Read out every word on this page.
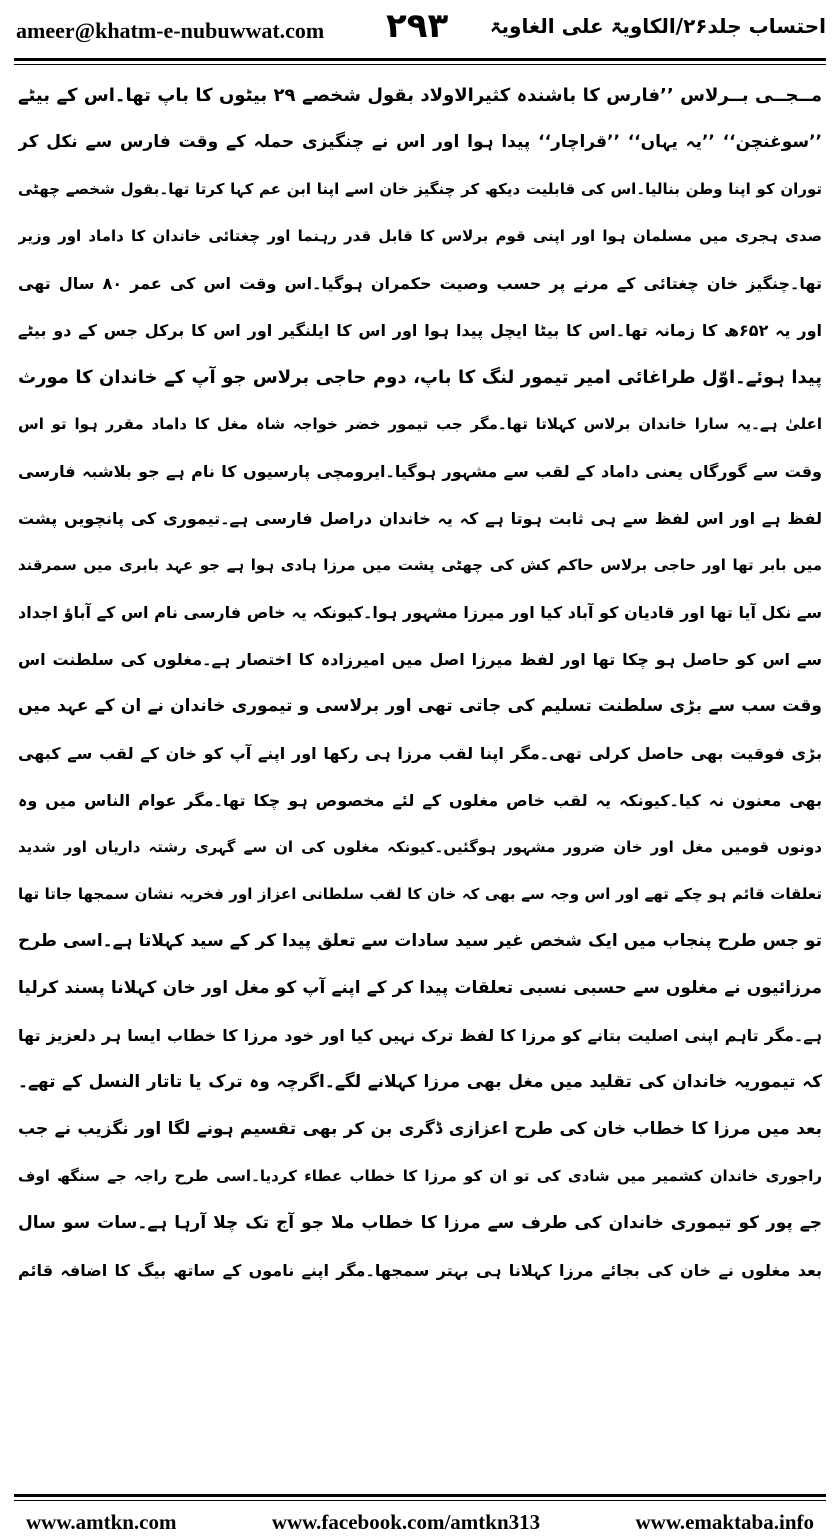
ameer@khatm-e-nubuwwat.com ۲۹۳ احتساب جلد۲۶/الکاویۃ علی الغاویۃ
مــجــی بــرلاس ’’فارس کا باشندہ کثیرالاولاد بقول شخصے ۲۹ بیٹوں کا باپ تھا۔اس کے بیٹے
’’سوغنچن‘‘ ’’یہ یہاں‘‘ ’’قراچار‘‘ پیدا ہوا اور اس نے چنگیزی حملہ کے وقت فارس سے نکل کر
توران کو اپنا وطن بنالیا۔اس کی قابلیت دیکھ کر چنگیز خان اسے اپنا ابن عم کہا کرتا تھا۔بقول شخصے چھٹی
صدی ہجری میں مسلمان ہوا اور اپنی قوم برلاس کا قابل قدر رہنما اور چغتائی خاندان کا داماد اور وزیر
تھا۔چنگیز خان چغتائی کے مرنے پر حسب وصیت حکمران ہوگیا۔اس وقت اس کی عمر ۸۰ سال تھی
اور یہ ۶۵۲ھ کا زمانہ تھا۔اس کا بیٹا ایچل پیدا ہوا اور اس کا ایلنگیر اور اس کا برکل جس کے دو بیٹے
پیدا ہوئے۔اوّل طراغائی امیر تیمور لنگ کا باپ، دوم حاجی برلاس جو آپ کے خاندان کا مورث
اعلیٰ ہے۔یہ سارا خاندان برلاس کہلاتا تھا۔مگر جب تیمور خضر خواجہ شاہ مغل کا داماد مقرر ہوا تو اس
وقت سے گورگاں یعنی داماد کے لقب سے مشہور ہوگیا۔ایرومچی پارسیوں کا نام ہے جو بلاشبہ فارسی
لفظ ہے اور اس لفظ سے ہی ثابت ہوتا ہے کہ یہ خاندان دراصل فارسی ہے۔تیموری کی پانچویں پشت
میں بابر تھا اور حاجی برلاس حاکم کش کی چھٹی پشت میں مرزا ہادی ہوا ہے جو عہد بابری میں سمرقند
سے نکل آیا تھا اور قادیان کو آباد کیا اور میرزا مشہور ہوا۔کیونکہ یہ خاص فارسی نام اس کے آباؤ اجداد
سے اس کو حاصل ہو چکا تھا اور لفظ میرزا اصل میں امیرزادہ کا اختصار ہے۔مغلوں کی سلطنت اس
وقت سب سے بڑی سلطنت تسلیم کی جاتی تھی اور برلاسی و تیموری خاندان نے ان کے عہد میں
بڑی فوقیت بھی حاصل کرلی تھی۔مگر اپنا لقب مرزا ہی رکھا اور اپنے آپ کو خان کے لقب سے کبھی
بھی معنون نہ کیا۔کیونکہ یہ لقب خاص مغلوں کے لئے مخصوص ہو چکا تھا۔مگر عوام الناس میں وہ
دونوں قومیں مغل اور خان ضرور مشہور ہوگئیں۔کیونکہ مغلوں کی ان سے گہری رشتہ داریاں اور شدید
تعلقات قائم ہو چکے تھے اور اس وجہ سے بھی کہ خان کا لقب سلطانی اعزاز اور فخریہ نشان سمجھا جاتا تھا
تو جس طرح پنجاب میں ایک شخص غیر سید سادات سے تعلق پیدا کر کے سید کہلاتا ہے۔اسی طرح
مرزائیوں نے مغلوں سے حسبی نسبی تعلقات پیدا کر کے اپنے آپ کو مغل اور خان کہلانا پسند کرلیا
ہے۔مگر تاہم اپنی اصلیت بتانے کو مرزا کا لفظ ترک نہیں کیا اور خود مرزا کا خطاب ایسا ہر دلعزیز تھا
کہ تیموریہ خاندان کی تقلید میں مغل بھی مرزا کہلانے لگے۔اگرچہ وہ ترک یا تاتار النسل کے تھے۔
بعد میں مرزا کا خطاب خان کی طرح اعزازی ڈگری بن کر بھی تقسیم ہونے لگا اور نگزیب نے جب
راجوری خاندان کشمیر میں شادی کی تو ان کو مرزا کا خطاب عطاء کردیا۔اسی طرح راجہ جے سنگھ اوف
جے پور کو تیموری خاندان کی طرف سے مرزا کا خطاب ملا جو آج تک چلا آرہا ہے۔سات سو سال
بعد مغلوں نے خان کی بجائے مرزا کہلانا ہی بہتر سمجھا۔مگر اپنے ناموں کے ساتھ بیگ کا اضافہ قائم
www.amtkn.com	www.facebook.com/amtkn313	www.emaktaba.info
